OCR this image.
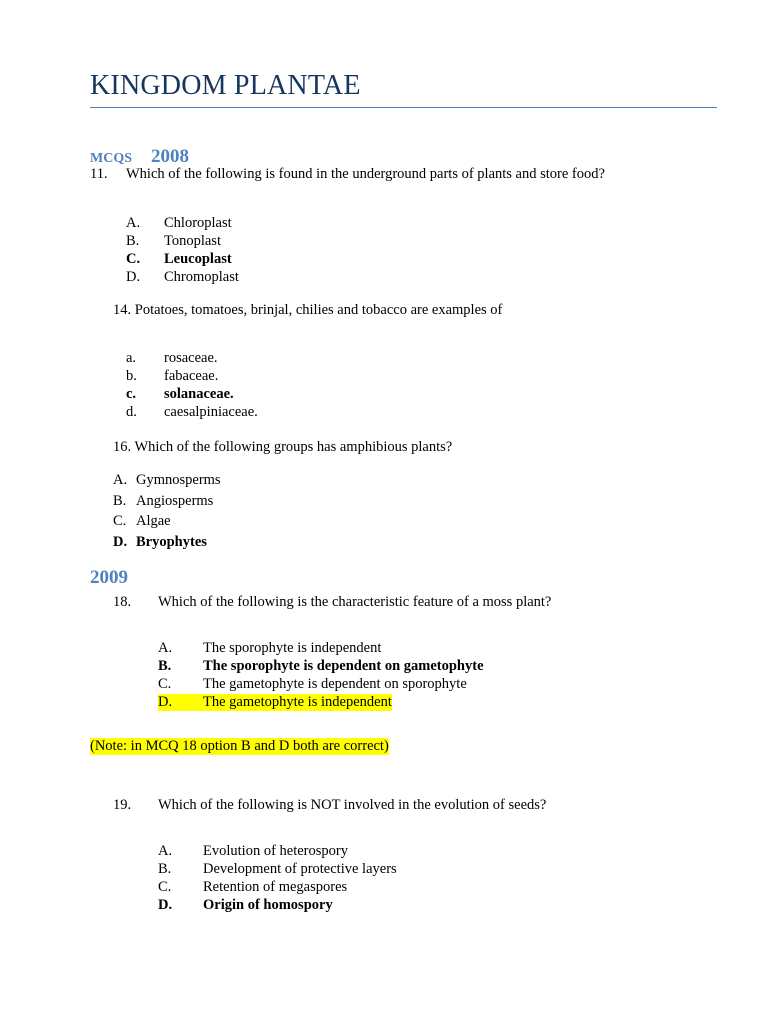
KINGDOM PLANTAE
MCQS 2008
11. Which of the following is found in the underground parts of plants and store food?
A. Chloroplast
B. Tonoplast
C. Leucoplast
D. Chromoplast
14. Potatoes, tomatoes, brinjal, chilies and tobacco are examples of
a. rosaceae.
b. fabaceae.
c. solanaceae.
d. caesalpiniaceae.
16. Which of the following groups has amphibious plants?
A. Gymnosperms
B. Angiosperms
C. Algae
D. Bryophytes
2009
18. Which of the following is the characteristic feature of a moss plant?
A. The sporophyte is independent
B. The sporophyte is dependent on gametophyte
C. The gametophyte is dependent on sporophyte
D.	The gametophyte is independent
(Note: in MCQ 18 option B and D both are correct)
19. Which of the following is NOT involved in the evolution of seeds?
A. Evolution of heterospory
B. Development of protective layers
C. Retention of megaspores
D. Origin of homospory
